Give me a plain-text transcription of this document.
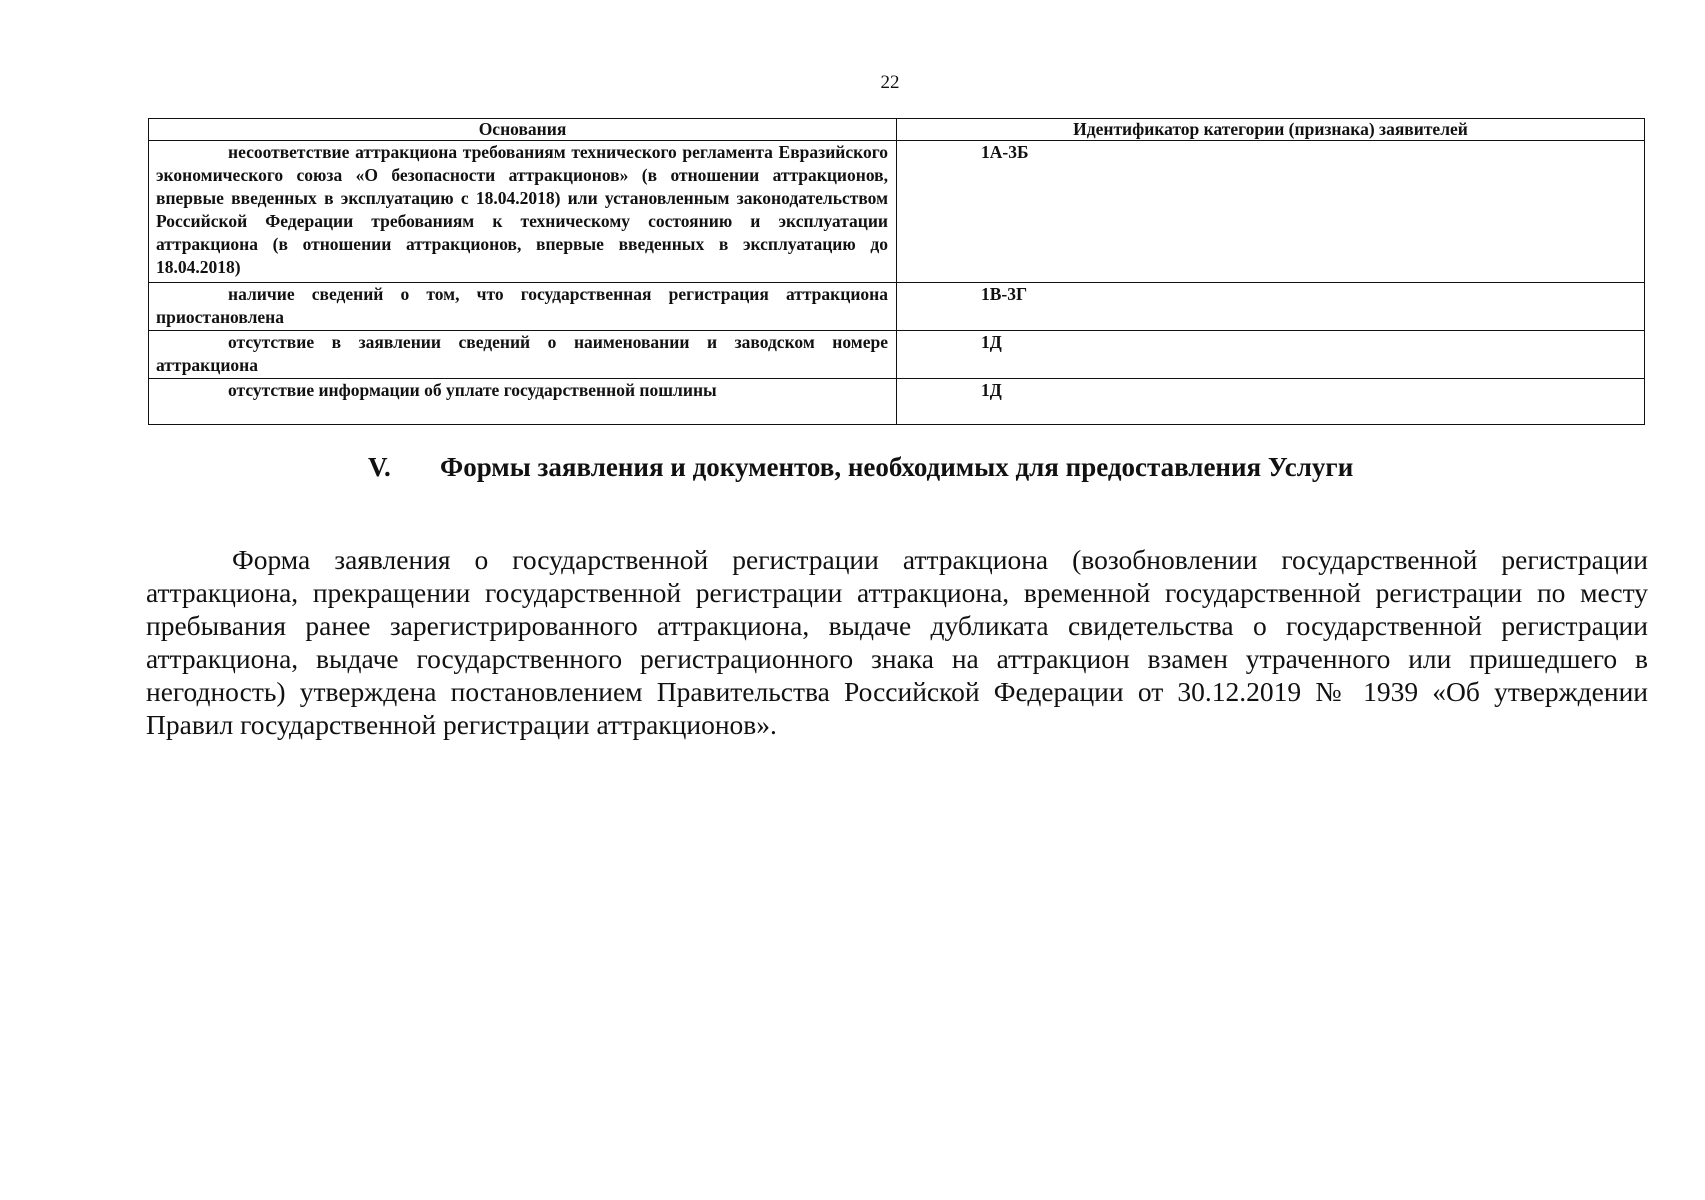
22
Основания	Идентификатор категории (признака) заявителей
несоответствие аттракциона требованиям технического регламента Евразийского экономического союза «О безопасности аттракционов» (в отношении аттракционов, впервые введенных в эксплуатацию с 18.04.2018) или установленным законодательством Российской Федерации требованиям к техническому состоянию и эксплуатации аттракциона (в отношении аттракционов, впервые введенных в эксплуатацию до 18.04.2018)	1А-3Б
наличие сведений о том, что государственная регистрация аттракциона приостановлена	1В-3Г
отсутствие в заявлении сведений о наименовании и заводском номере аттракциона	1Д
отсутствие информации об уплате государственной пошлины	1Д
V. Формы заявления и документов, необходимых для предоставления Услуги

Форма заявления о государственной регистрации аттракциона (возобновлении государственной регистрации аттракциона, прекращении государственной регистрации аттракциона, временной государственной регистрации по месту пребывания ранее зарегистрированного аттракциона, выдаче дубликата свидетельства о государственной регистрации аттракциона, выдаче государственного регистрационного знака на аттракцион взамен утраченного или пришедшего в негодность) утверждена постановлением Правительства Российской Федерации от 30.12.2019 № 1939 «Об утверждении Правил государственной регистрации аттракционов».
